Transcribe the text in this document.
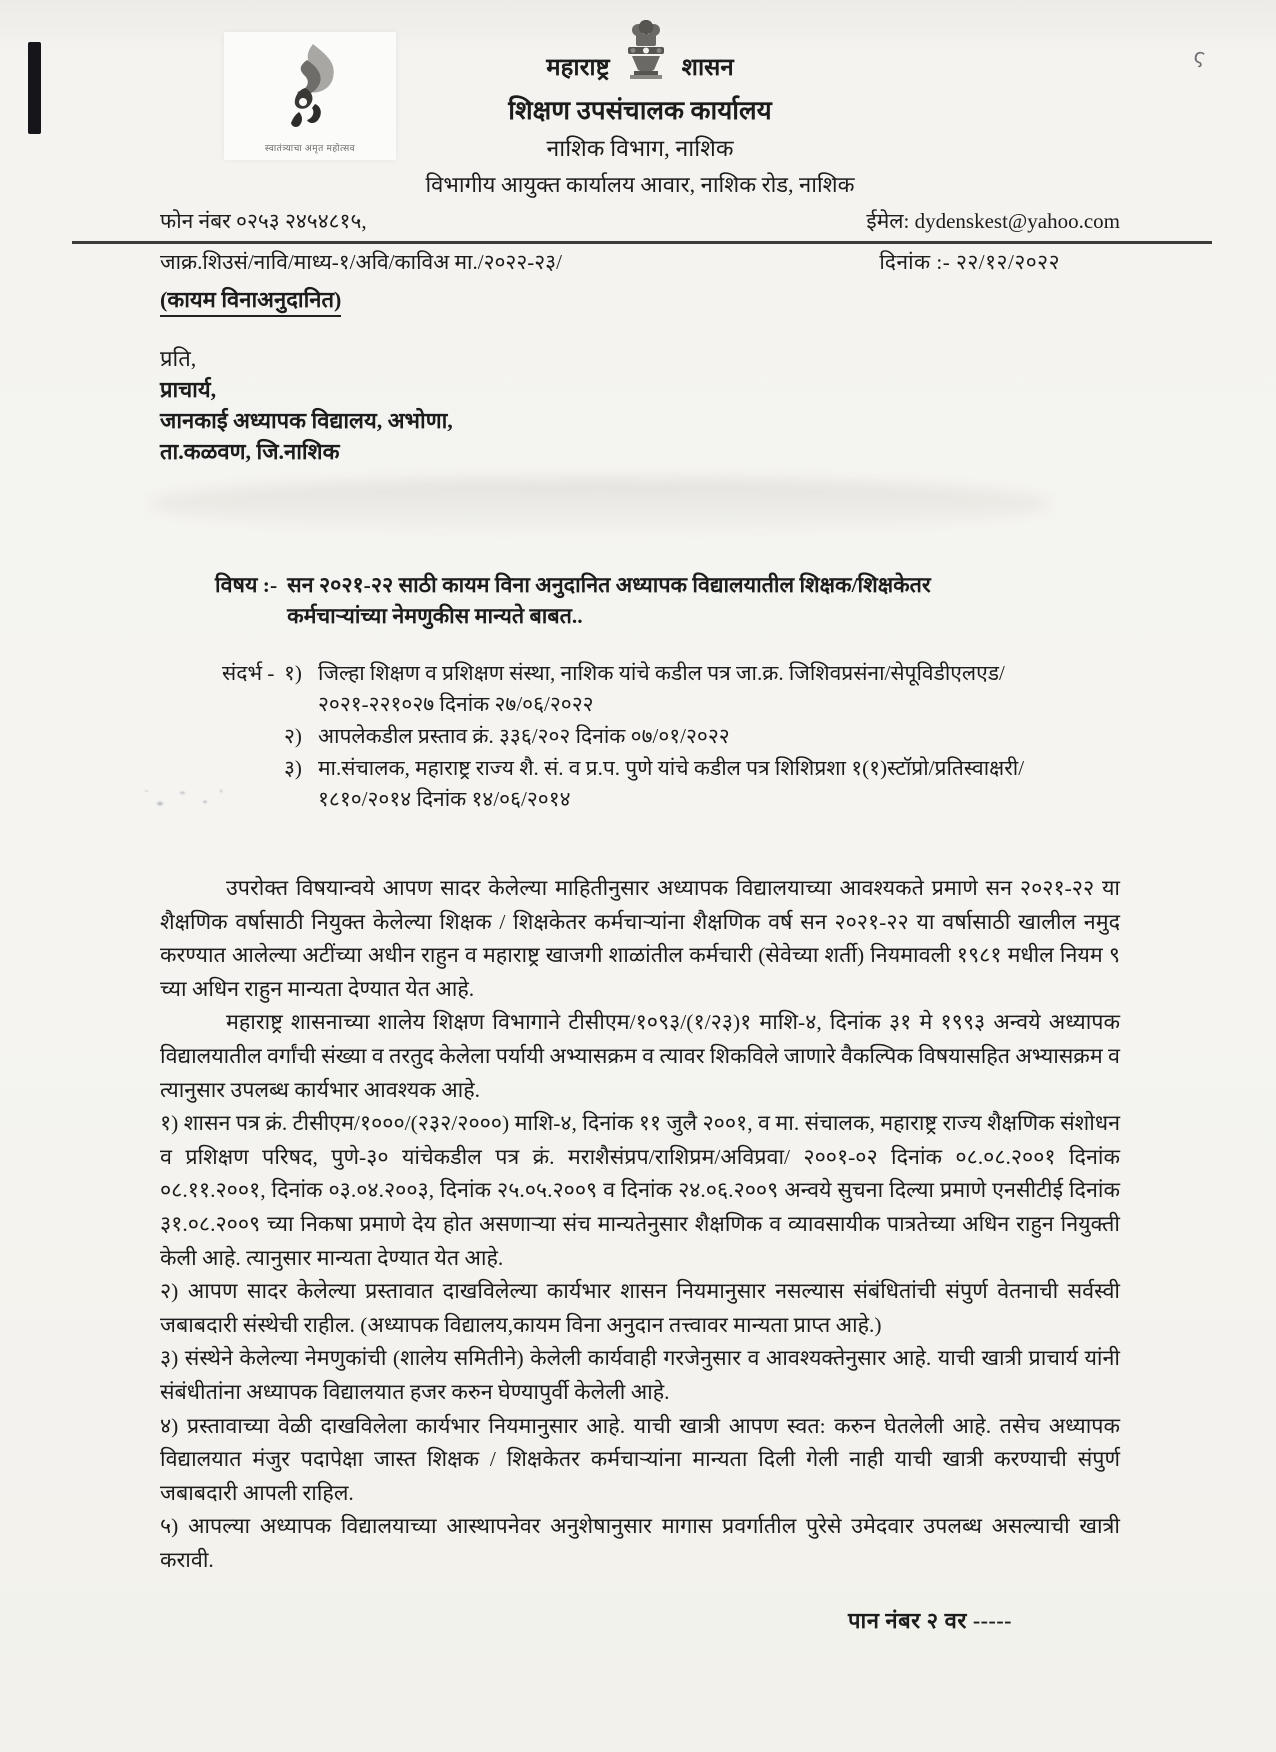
ς
स्वातंत्र्याचा अमृत महोत्सव
महाराष्ट्र	शासन
शिक्षण उपसंचालक कार्यालय
नाशिक विभाग, नाशिक
विभागीय आयुक्त कार्यालय आवार, नाशिक रोड, नाशिक
फोन नंबर ०२५३ २४५४८१५,	ईमेल: dydenskest@yahoo.com
जाक्र.शिउसं/नावि/माध्य-१/अवि/काविअ मा./२०२२-२३/	दिनांक :- २२/१२/२०२२
(कायम विनाअनुदानित)
प्रति,
प्राचार्य,
जानकाई अध्यापक विद्यालय, अभोणा,
ता.कळवण, जि.नाशिक
विषय :- सन २०२१-२२ साठी कायम विना अनुदानित अध्यापक विद्यालयातील शिक्षक/शिक्षकेतर
कर्मचाऱ्यांच्या नेमणुकीस मान्यते बाबत..
संदर्भ - १) जिल्हा शिक्षण व प्रशिक्षण संस्था, नाशिक यांचे कडील पत्र जा.क्र. जिशिवप्रसंना/सेपूविडीएलएड/ २०२१-२२१०२७ दिनांक २७/०६/२०२२
२) आपलेकडील प्रस्ताव क्रं. ३३६/२०२ दिनांक ०७/०१/२०२२
३) मा.संचालक, महाराष्ट्र राज्य शै. सं. व प्र.प. पुणे यांचे कडील पत्र शिशिप्रशा १(१)स्टॉप्रो/प्रतिस्वाक्षरी/ १८१०/२०१४ दिनांक १४/०६/२०१४

उपरोक्त विषयान्वये आपण सादर केलेल्या माहितीनुसार अध्यापक विद्यालयाच्या आवश्यकते प्रमाणे सन २०२१-२२ या शैक्षणिक वर्षासाठी नियुक्त केलेल्या शिक्षक / शिक्षकेतर कर्मचाऱ्यांना शैक्षणिक वर्ष सन २०२१-२२ या वर्षासाठी खालील नमुद करण्यात आलेल्या अटींच्या अधीन राहुन व महाराष्ट्र खाजगी शाळांतील कर्मचारी (सेवेच्या शर्ती) नियमावली १९८१ मधील नियम ९ च्या अधिन राहुन मान्यता देण्यात येत आहे.

महाराष्ट्र शासनाच्या शालेय शिक्षण विभागाने टीसीएम/१०९३/(१/२३)१ माशि-४, दिनांक ३१ मे १९९३ अन्वये अध्यापक विद्यालयातील वर्गांची संख्या व तरतुद केलेला पर्यायी अभ्यासक्रम व त्यावर शिकविले जाणारे वैकल्पिक विषयासहित अभ्यासक्रम व त्यानुसार उपलब्ध कार्यभार आवश्यक आहे.

१) शासन पत्र क्रं. टीसीएम/१०००/(२३२/२०००) माशि-४, दिनांक ११ जुलै २००१, व मा. संचालक, महाराष्ट्र राज्य शैक्षणिक संशोधन व प्रशिक्षण परिषद, पुणे-३० यांचेकडील पत्र क्रं. मराशैसंप्रप/राशिप्रम/अविप्रवा/ २००१-०२ दिनांक ०८.०८.२००१ दिनांक ०८.११.२००१, दिनांक ०३.०४.२००३, दिनांक २५.०५.२००९ व दिनांक २४.०६.२००९ अन्वये सुचना दिल्या प्रमाणे एनसीटीई दिनांक ३१.०८.२००९ च्या निकषा प्रमाणे देय होत असणाऱ्या संच मान्यतेनुसार शैक्षणिक व व्यावसायीक पात्रतेच्या अधिन राहुन नियुक्ती केली आहे. त्यानुसार मान्यता देण्यात येत आहे.

२) आपण सादर केलेल्या प्रस्तावात दाखविलेल्या कार्यभार शासन नियमानुसार नसल्यास संबंधितांची संपुर्ण वेतनाची सर्वस्वी जबाबदारी संस्थेची राहील. (अध्यापक विद्यालय,कायम विना अनुदान तत्त्वावर मान्यता प्राप्त आहे.)

३) संस्थेने केलेल्या नेमणुकांची (शालेय समितीने) केलेली कार्यवाही गरजेनुसार व आवश्यक्तेनुसार आहे. याची खात्री प्राचार्य यांनी संबंधीतांना अध्यापक विद्यालयात हजर करुन घेण्यापुर्वी केलेली आहे.

४) प्रस्तावाच्या वेळी दाखविलेला कार्यभार नियमानुसार आहे. याची खात्री आपण स्वत: करुन घेतलेली आहे. तसेच अध्यापक विद्यालयात मंजुर पदापेक्षा जास्त शिक्षक / शिक्षकेतर कर्मचाऱ्यांना मान्यता दिली गेली नाही याची खात्री करण्याची संपुर्ण जबाबदारी आपली राहिल.

५) आपल्या अध्यापक विद्यालयाच्या आस्थापनेवर अनुशेषानुसार मागास प्रवर्गातील पुरेसे उमेदवार उपलब्ध असल्याची खात्री करावी.

पान नंबर २ वर -----
